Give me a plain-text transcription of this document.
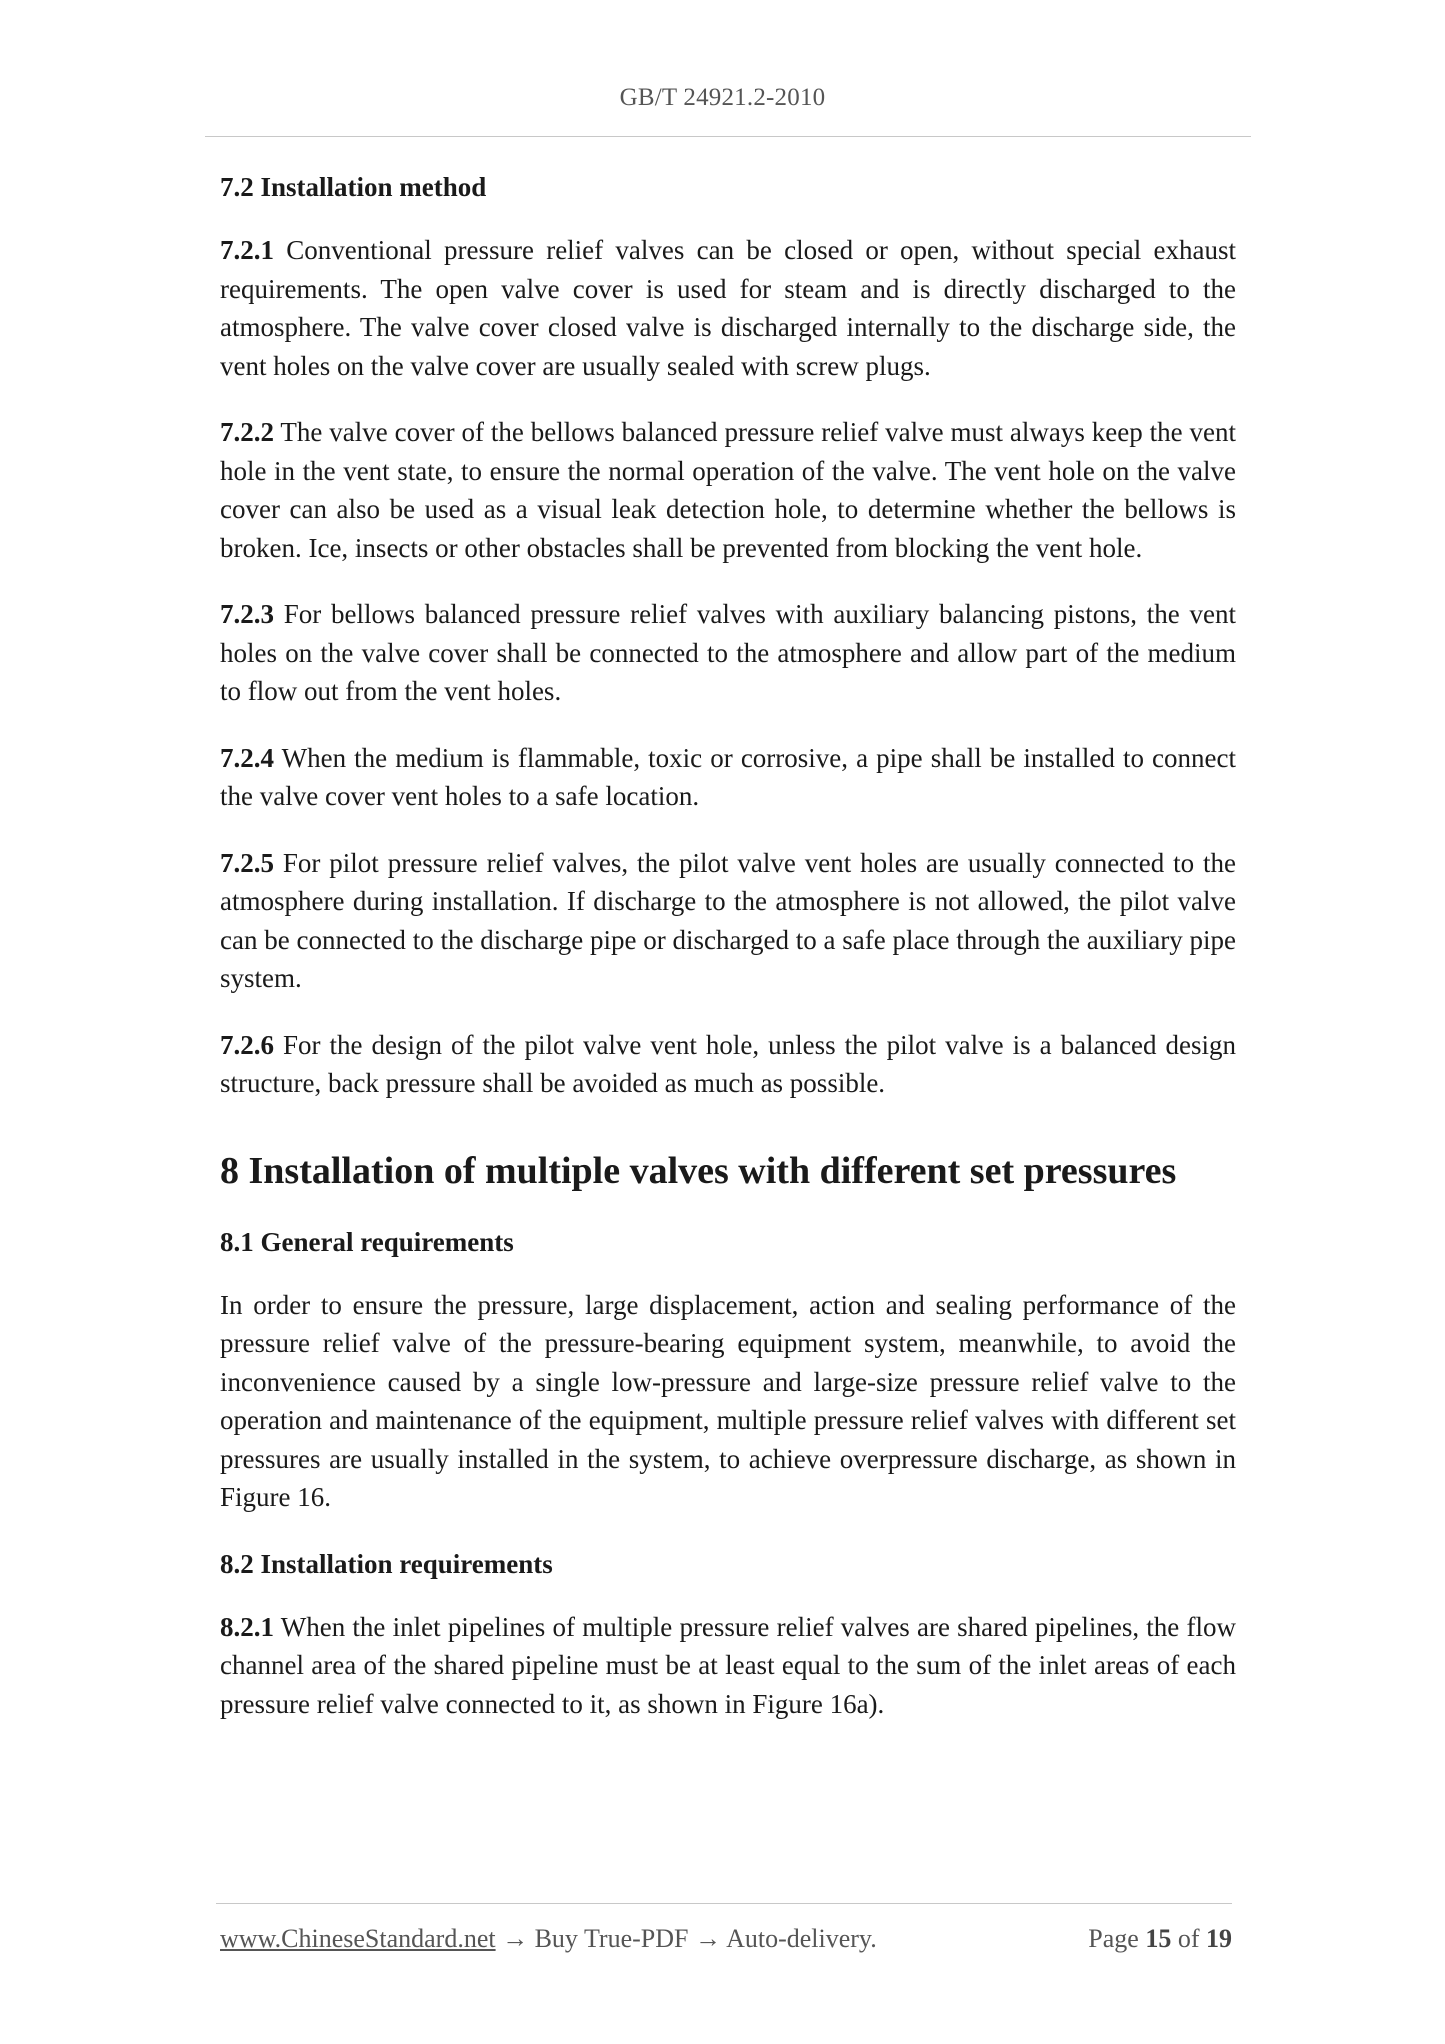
GB/T 24921.2-2010

7.2 Installation method

7.2.1 Conventional pressure relief valves can be closed or open, without special exhaust requirements. The open valve cover is used for steam and is directly discharged to the atmosphere. The valve cover closed valve is discharged internally to the discharge side, the vent holes on the valve cover are usually sealed with screw plugs.

7.2.2 The valve cover of the bellows balanced pressure relief valve must always keep the vent hole in the vent state, to ensure the normal operation of the valve. The vent hole on the valve cover can also be used as a visual leak detection hole, to determine whether the bellows is broken. Ice, insects or other obstacles shall be prevented from blocking the vent hole.

7.2.3 For bellows balanced pressure relief valves with auxiliary balancing pistons, the vent holes on the valve cover shall be connected to the atmosphere and allow part of the medium to flow out from the vent holes.

7.2.4 When the medium is flammable, toxic or corrosive, a pipe shall be installed to connect the valve cover vent holes to a safe location.

7.2.5 For pilot pressure relief valves, the pilot valve vent holes are usually connected to the atmosphere during installation. If discharge to the atmosphere is not allowed, the pilot valve can be connected to the discharge pipe or discharged to a safe place through the auxiliary pipe system.

7.2.6 For the design of the pilot valve vent hole, unless the pilot valve is a balanced design structure, back pressure shall be avoided as much as possible.

8 Installation of multiple valves with different set pressures

8.1 General requirements

In order to ensure the pressure, large displacement, action and sealing performance of the pressure relief valve of the pressure-bearing equipment system, meanwhile, to avoid the inconvenience caused by a single low-pressure and large-size pressure relief valve to the operation and maintenance of the equipment, multiple pressure relief valves with different set pressures are usually installed in the system, to achieve overpressure discharge, as shown in Figure 16.

8.2 Installation requirements

8.2.1 When the inlet pipelines of multiple pressure relief valves are shared pipelines, the flow channel area of the shared pipeline must be at least equal to the sum of the inlet areas of each pressure relief valve connected to it, as shown in Figure 16a).

www.ChineseStandard.net → Buy True-PDF → Auto-delivery.	Page 15 of 19
